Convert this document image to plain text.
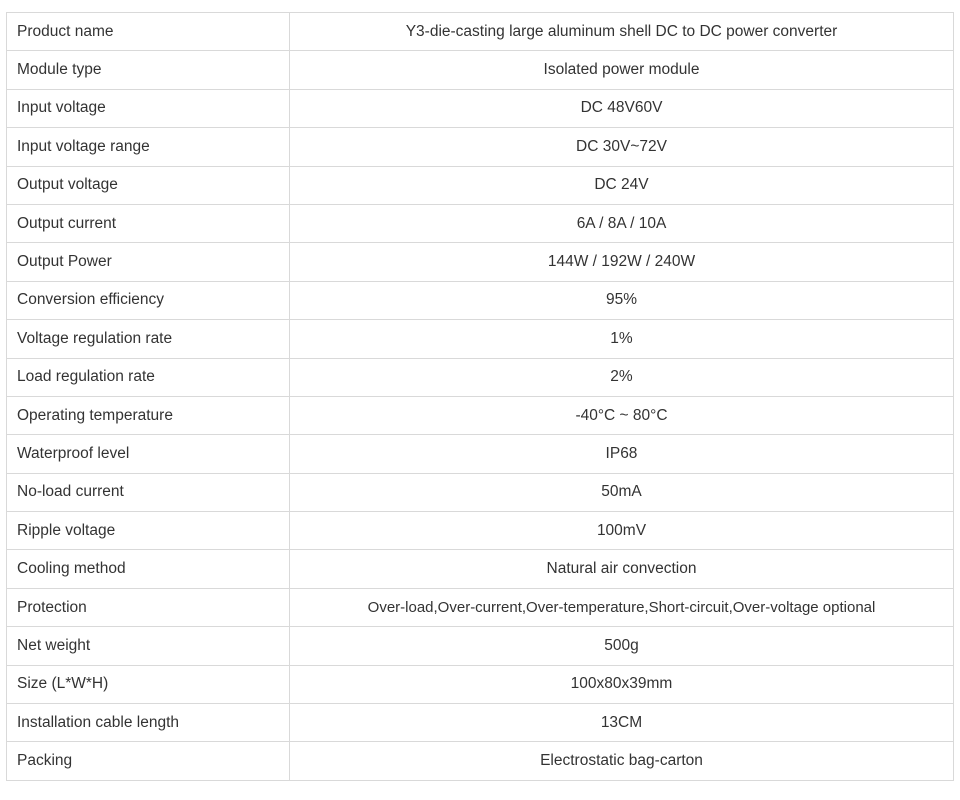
Product name	Y3-die-casting large aluminum shell DC to DC power converter
Module type	Isolated power module
Input voltage	DC 48V60V
Input voltage range	DC 30V~72V
Output voltage	DC 24V
Output current	6A / 8A / 10A
Output Power	144W / 192W / 240W
Conversion efficiency	95%
Voltage regulation rate	1%
Load regulation rate	2%
Operating temperature	-40°C ~ 80°C
Waterproof level	IP68
No-load current	50mA
Ripple voltage	100mV
Cooling method	Natural air convection
Protection	Over-load,Over-current,Over-temperature,Short-circuit,Over-voltage optional
Net weight	500g
Size (L*W*H)	100x80x39mm
Installation cable length	13CM
Packing	Electrostatic bag-carton
